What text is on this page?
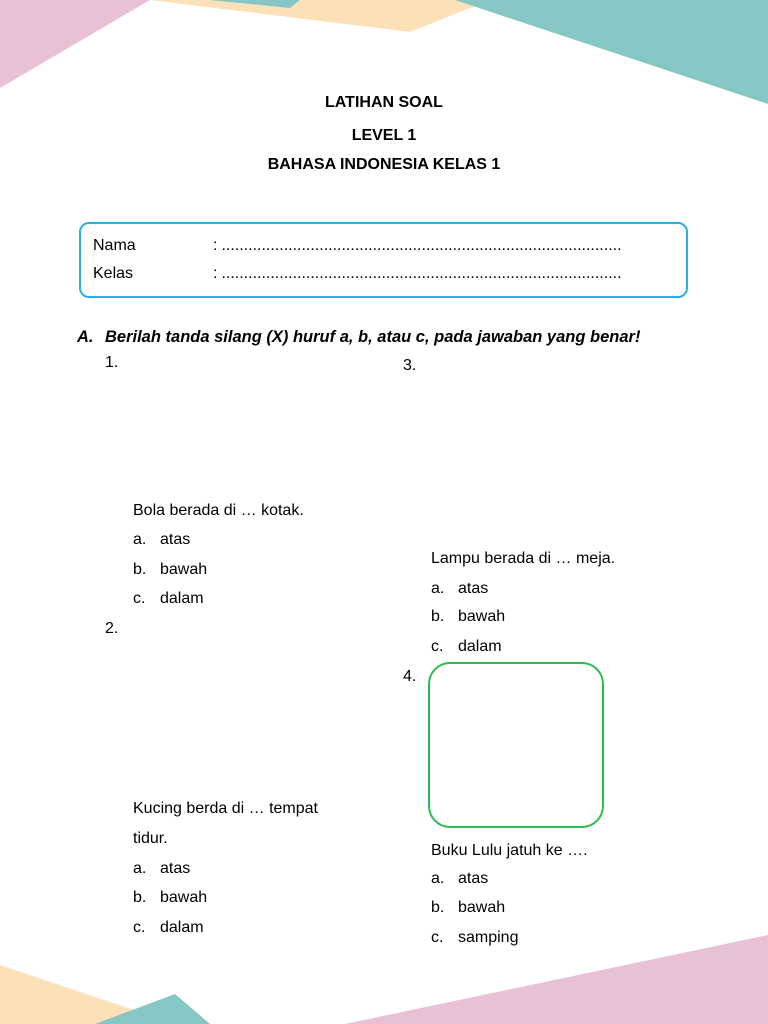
LATIHAN SOAL
LEVEL 1
BAHASA INDONESIA KELAS 1
Nama	: ..........................................................................................
Kelas	: ..........................................................................................
A. Berilah tanda silang (X) huruf a, b, atau c, pada jawaban yang benar!
1.
Bola berada di … kotak.
a. atas
b. bawah
c. dalam
2.
Kucing berda di … tempat
tidur.
a. atas
b. bawah
c. dalam
3.
Lampu berada di … meja.
a. atas
b. bawah
c. dalam
4.
Buku Lulu jatuh ke ….
a. atas
b. bawah
c. samping
